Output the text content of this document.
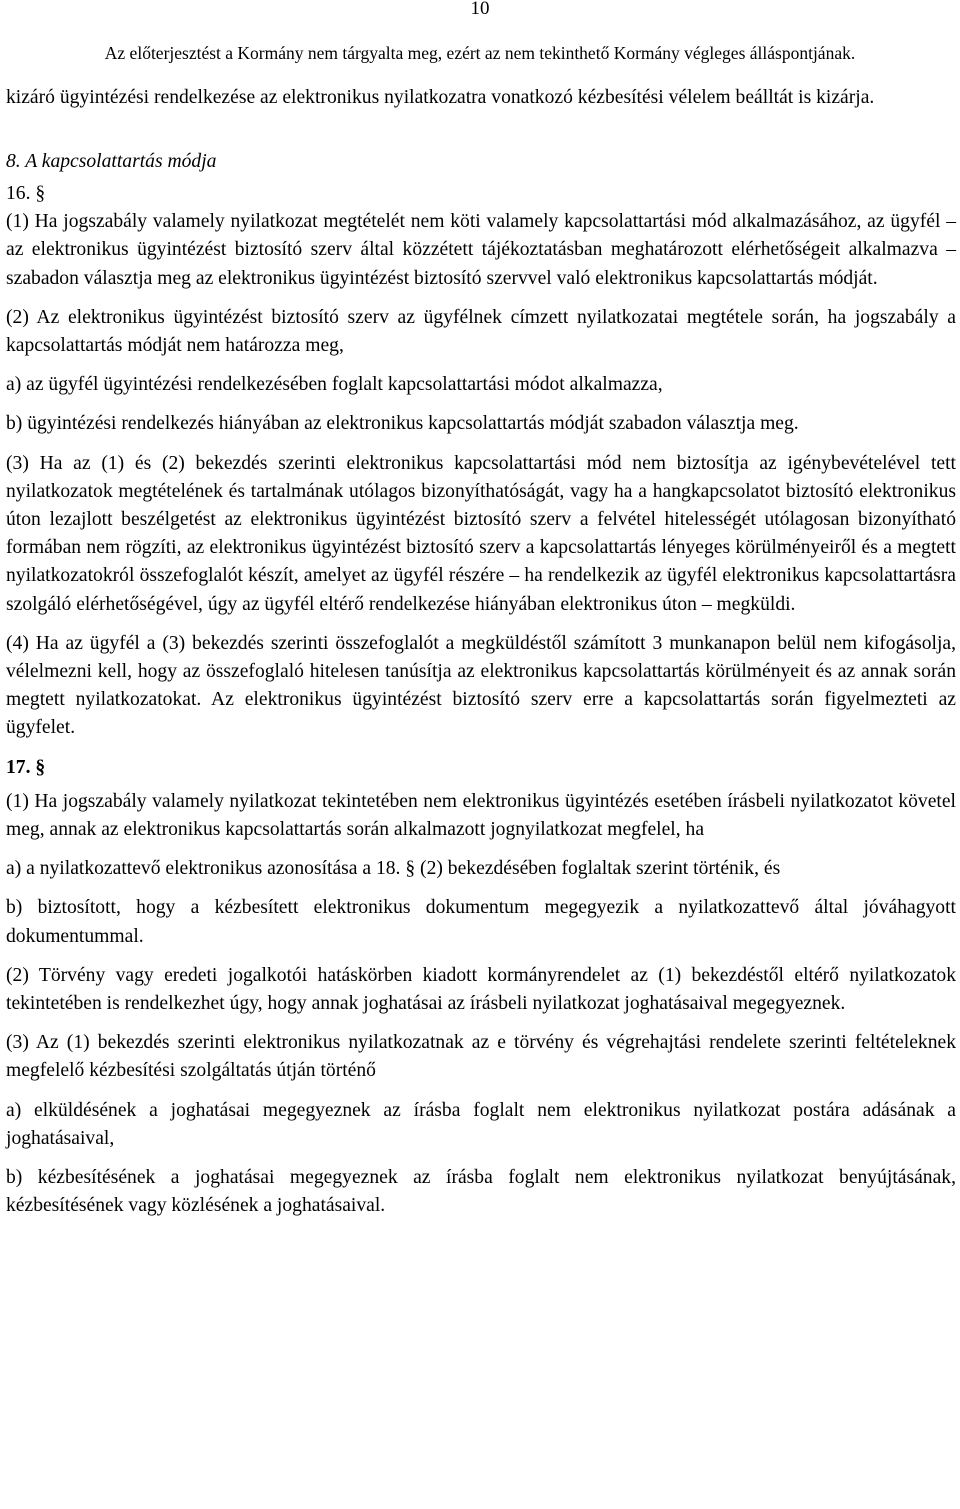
10
Az előterjesztést a Kormány nem tárgyalta meg, ezért az nem tekinthető Kormány végleges álláspontjának.

kizáró ügyintézési rendelkezése az elektronikus nyilatkozatra vonatkozó kézbesítési vélelem beálltát is kizárja.

8. A kapcsolattartás módja

16. §

(1) Ha jogszabály valamely nyilatkozat megtételét nem köti valamely kapcsolattartási mód alkalmazásához, az ügyfél – az elektronikus ügyintézést biztosító szerv által közzétett tájékoztatásban meghatározott elérhetőségeit alkalmazva – szabadon választja meg az elektronikus ügyintézést biztosító szervvel való elektronikus kapcsolattartás módját.

(2) Az elektronikus ügyintézést biztosító szerv az ügyfélnek címzett nyilatkozatai megtétele során, ha jogszabály a kapcsolattartás módját nem határozza meg,

a) az ügyfél ügyintézési rendelkezésében foglalt kapcsolattartási módot alkalmazza,

b) ügyintézési rendelkezés hiányában az elektronikus kapcsolattartás módját szabadon választja meg.

(3) Ha az (1) és (2) bekezdés szerinti elektronikus kapcsolattartási mód nem biztosítja az igénybevételével tett nyilatkozatok megtételének és tartalmának utólagos bizonyíthatóságát, vagy ha a hangkapcsolatot biztosító elektronikus úton lezajlott beszélgetést az elektronikus ügyintézést biztosító szerv a felvétel hitelességét utólagosan bizonyítható formában nem rögzíti, az elektronikus ügyintézést biztosító szerv a kapcsolattartás lényeges körülményeiről és a megtett nyilatkozatokról összefoglalót készít, amelyet az ügyfél részére – ha rendelkezik az ügyfél elektronikus kapcsolattartásra szolgáló elérhetőségével, úgy az ügyfél eltérő rendelkezése hiányában elektronikus úton – megküldi.

(4) Ha az ügyfél a (3) bekezdés szerinti összefoglalót a megküldéstől számított 3 munkanapon belül nem kifogásolja, vélelmezni kell, hogy az összefoglaló hitelesen tanúsítja az elektronikus kapcsolattartás körülményeit és az annak során megtett nyilatkozatokat. Az elektronikus ügyintézést biztosító szerv erre a kapcsolattartás során figyelmezteti az ügyfelet.

17. §

(1) Ha jogszabály valamely nyilatkozat tekintetében nem elektronikus ügyintézés esetében írásbeli nyilatkozatot követel meg, annak az elektronikus kapcsolattartás során alkalmazott jognyilatkozat megfelel, ha

a) a nyilatkozattevő elektronikus azonosítása a 18. § (2) bekezdésében foglaltak szerint történik, és

b) biztosított, hogy a kézbesített elektronikus dokumentum megegyezik a nyilatkozattevő által jóváhagyott dokumentummal.

(2) Törvény vagy eredeti jogalkotói hatáskörben kiadott kormányrendelet az (1) bekezdéstől eltérő nyilatkozatok tekintetében is rendelkezhet úgy, hogy annak joghatásai az írásbeli nyilatkozat joghatásaival megegyeznek.

(3) Az (1) bekezdés szerinti elektronikus nyilatkozatnak az e törvény és végrehajtási rendelete szerinti feltételeknek megfelelő kézbesítési szolgáltatás útján történő

a) elküldésének a joghatásai megegyeznek az írásba foglalt nem elektronikus nyilatkozat postára adásának a joghatásaival,

b) kézbesítésének a joghatásai megegyeznek az írásba foglalt nem elektronikus nyilatkozat benyújtásának, kézbesítésének vagy közlésének a joghatásaival.
